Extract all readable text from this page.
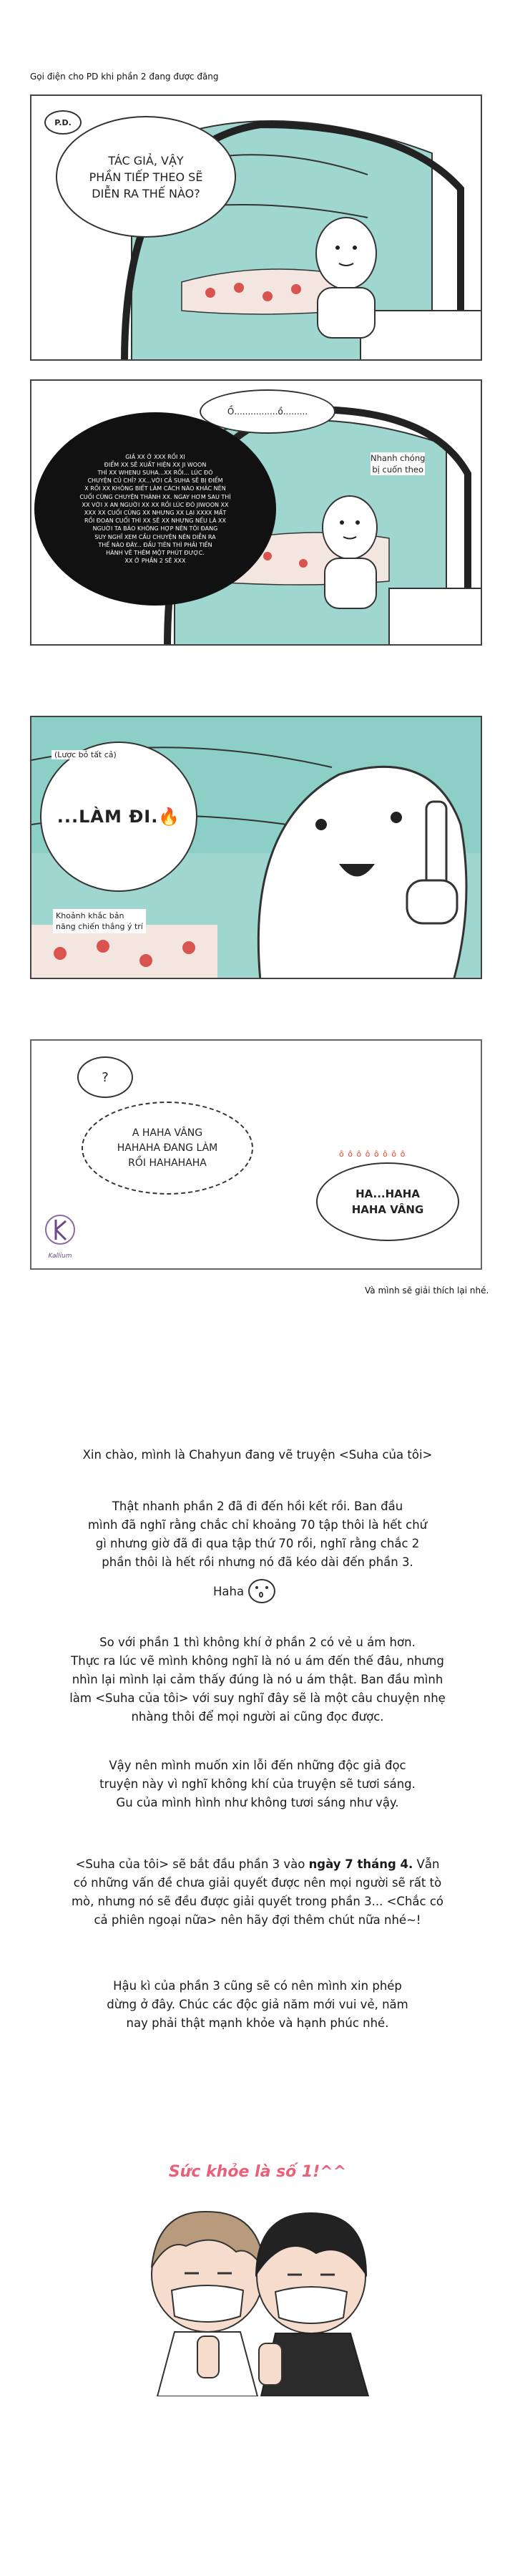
Gọi điện cho PD khi phần 2 đang được đăng
TÁC GIẢ, VẬY
PHẦN TIẾP THEO SẼ
DIỄN RA THẾ NÀO?
P.D.
Ồ................ồ.........
Nhanh chóng
bị cuốn theo
GIẢ XX Ở XXX RỒI XI
ĐIỂM XX SẼ XUẤT HIỆN XX JI WOON
THÌ XX WHENU SUHA...XX RỒI... LÚC ĐÓ
CHUYỆN CỦ CHỈ? XX...VỚI CẢ SUHA SẼ BỊ ĐIỂM
X RỒI XX KHÔNG BIẾT LÀM CÁCH NÀO KHÁC NÊN
CUỐI CÙNG CHUYỆN THÀNH XX. NGAY HƠM SAU THÌ
XX VỚI X AN NGUỜI XX XX RỒI LÚC ĐÓ JIWOON XX
XXX XX CUỐI CÙNG XX NHƯNG XX LẠI XXXX MẤT
RỒI ĐOẠN CUỐI THÌ XX SẼ XX NHƯNG NẾU LÀ XX
NGUỜI TA BẢO KHÔNG HỢP NÊN TÔI ĐANG
SUY NGHĨ XEM CẦU CHUYỆN NÊN DIỄN RA
THẾ NÀO ĐÂY... ĐẦU TIÊN THÌ PHẢI TIẾN
HÀNH VẼ THÊM MỘT PHÚT ĐƯỢC.
XX Ở PHẦN 2 SẼ XXX
...LÀM ĐI.🔥
(Lược bỏ tất cả)
Khoảnh khắc bản
năng chiến thắng ý trí
?
A HAHA VÂNG
HAHAHA ĐANG LÀM
RỒI HAHAHAHA
ô ô ô ô ô ô ô ô
HA...HAHA
HAHA VÂNG
Kallium
Và mình sẽ giải thích lại nhé.
Xin chào, mình là Chahyun đang vẽ truyện <Suha của tôi>
Thật nhanh phần 2 đã đi đến hồi kết rồi. Ban đầu
mình đã nghĩ rằng chắc chỉ khoảng 70 tập thôi là hết chứ
gì nhưng giờ đã đi qua tập thứ 70 rồi, nghĩ rằng chắc 2
phần thôi là hết rồi nhưng nó đã kéo dài đến phần 3.
Haha
So với phần 1 thì không khí ở phần 2 có vẻ u ám hơn.
Thực ra lúc vẽ mình không nghĩ là nó u ám đến thế đâu, nhưng
nhìn lại mình lại cảm thấy đúng là nó u ám thật. Ban đầu mình
làm <Suha của tôi> với suy nghĩ đây sẽ là một câu chuyện nhẹ
nhàng thôi để mọi người ai cũng đọc được.
Vậy nên mình muốn xin lỗi đến những độc giả đọc
truyện này vì nghĩ không khí của truyện sẽ tươi sáng.
Gu của mình hình như không tươi sáng như vậy.
<Suha của tôi> sẽ bắt đầu phần 3 vào ngày 7 tháng 4. Vẫn
có những vấn đề chưa giải quyết được nên mọi người sẽ rất tò
mò, nhưng nó sẽ đều được giải quyết trong phần 3... <Chắc có
cả phiên ngoại nữa> nên hãy đợi thêm chút nữa nhé~!
Hậu kì của phần 3 cũng sẽ có nên mình xin phép
dừng ở đây. Chúc các độc giả năm mới vui vẻ, năm
nay phải thật mạnh khỏe và hạnh phúc nhé.
Sức khỏe là số 1!^^
